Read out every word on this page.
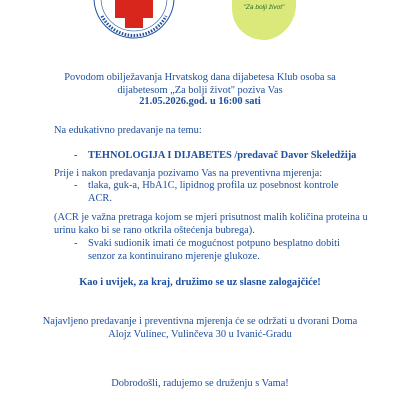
"Za bolji život"
Povodom obilježavanja Hrvatskog dana dijabetesa Klub osoba sa
dijabetesom „Za bolji život" poziva Vas
21.05.2026.god. u 16:00 sati
Na edukativno predavanje na temu:
- TEHNOLOGIJA I DIJABETES /predavač Davor Skeledžija
Prije i nakon predavanja pozivamo Vas na preventivna mjerenja:
- tlaka, guk-a, HbA1C, lipidnog profila uz posebnost kontrole
ACR.
(ACR je važna pretraga kojom se mjeri prisutnost malih količina proteina u
urinu kako bi se rano otkrila oštećenja bubrega).
- Svaki sudionik imati će mogućnost potpuno besplatno dobiti
senzor za kontinuirano mjerenje glukoze.
Kao i uvijek, za kraj, družimo se uz slasne zalogajčiće!
Najavljeno predavanje i preventivna mjerenja će se održati u dvorani Doma
Alojz Vulinec, Vulinčeva 30 u Ivanić-Gradu
Dobrodošli, radujemo se druženju s Vama!
